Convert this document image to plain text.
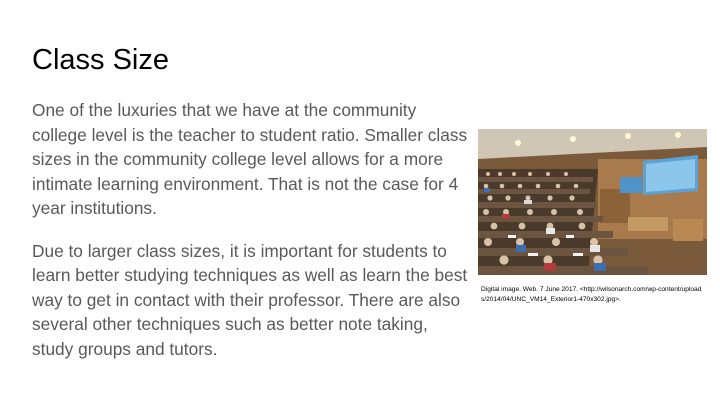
Class Size

One of the luxuries that we have at the community college level is the teacher to student ratio. Smaller class sizes in the community college level allows for a more intimate learning environment. That is not the case for 4 year institutions.

Due to larger class sizes, it is important for students to learn better studying techniques as well as learn the best way to get in contact with their professor. There are also several other techniques such as better note taking, study groups and tutors.

Digital image. Web. 7 June 2017. <http://wilsonarch.com/wp-content/uploads/2014/04/UNC_VM14_Exterior1-470x302.jpg>.
